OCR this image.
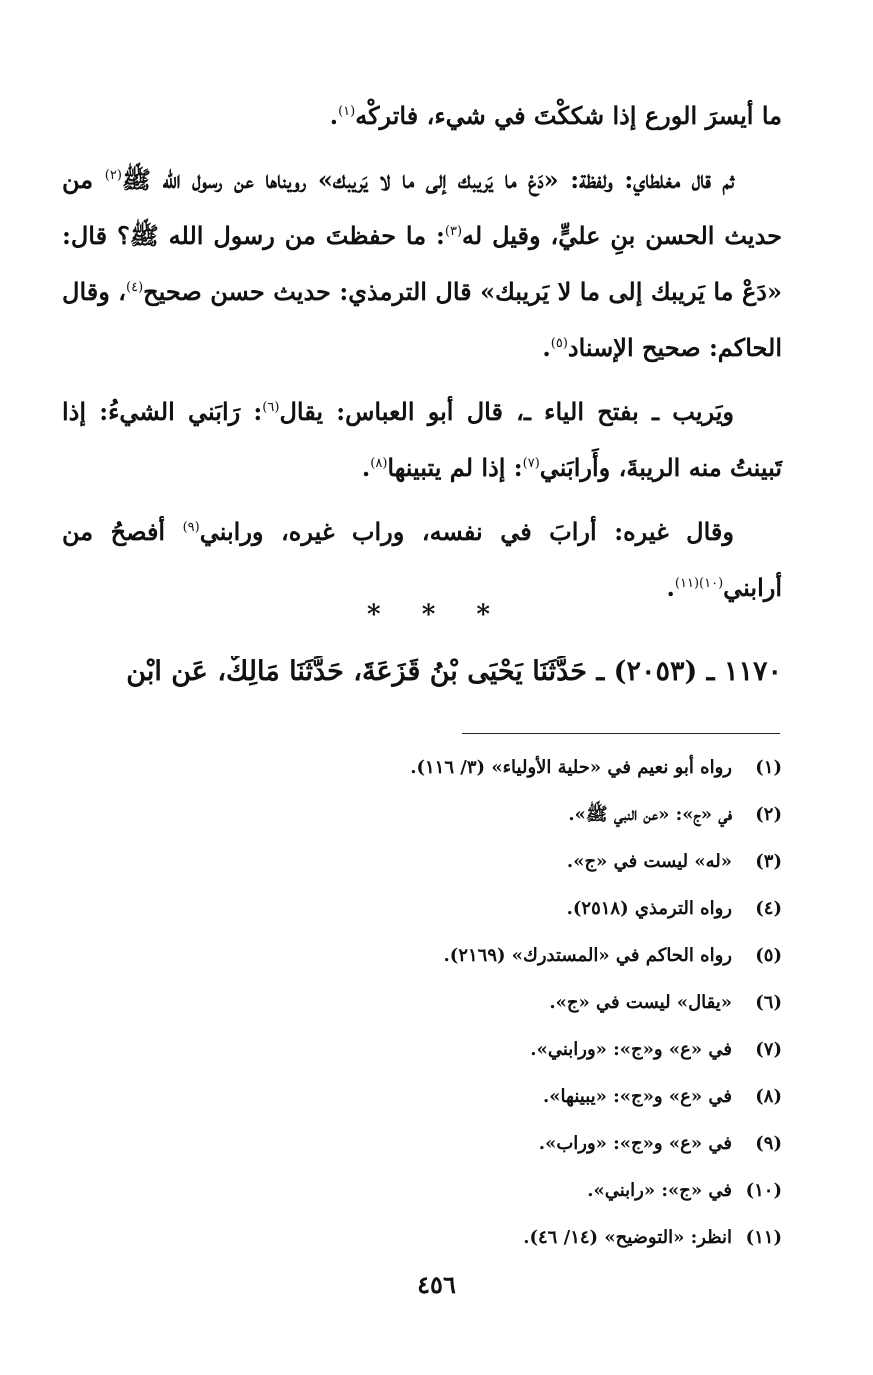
ما أيسرَ الورع إذا شككْتَ في شيء، فاتركْه$^{(١)}$.

ثم قال مغلطاي: ولفظة: «دَعْ ما يَريبك إلى ما لا يَريبك» رويناها عن رسول الله ﷺ$^{(٢)}$ من حديث الحسن بنِ عليٍّ، وقيل له$^{(٣)}$: ما حفظتَ من رسول الله ﷺ؟ قال: «دَعْ ما يَريبك إلى ما لا يَريبك» قال الترمذي: حديث حسن صحيح$^{(٤)}$، وقال الحاكم: صحيح الإسناد$^{(٥)}$.

ويَريب ـ بفتح الياء ـ، قال أبو العباس: يقال$^{(٦)}$: رَابَني الشيءُ: إذا تَبينتُ منه الريبةَ، وأَرابَني$^{(٧)}$: إذا لم يتبينها$^{(٨)}$.

وقال غيره: أرابَ في نفسه، وراب غيره، ورابني$^{(٩)}$ أفصحُ من أرابني$^{(١٠)(١١)}$.

* * *
١١٧٠ ـ (٢٠٥٣) ـ حَدَّثَنَا يَحْيَى بْنُ قَزَعَةَ، حَدَّثَنَا مَالِكٌ، عَنِ ابْنِ
(١)رواه أبو نعيم في «حلية الأولياء» (٣/ ١١٦).
(٢)في «ج»: «عن النبي ﷺ».
(٣)«له» ليست في «ج».
(٤)رواه الترمذي (٢٥١٨).
(٥)رواه الحاكم في «المستدرك» (٢١٦٩).
(٦)«يقال» ليست في «ج».
(٧)في «ع» و«ج»: «ورابني».
(٨)في «ع» و«ج»: «يبينها».
(٩)في «ع» و«ج»: «وراب».
(١٠)في «ج»: «رابني».
(١١)انظر: «التوضيح» (١٤/ ٤٦).
٤٥٦
